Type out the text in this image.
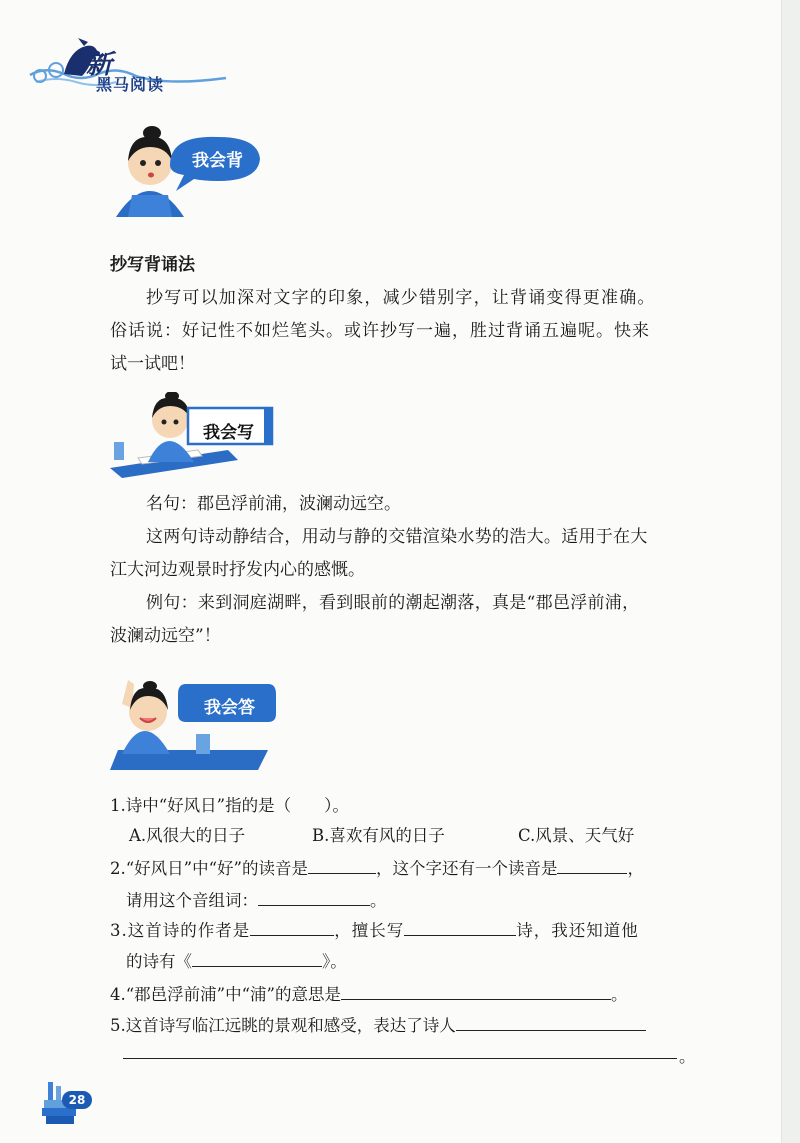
新
黑马阅读
我会背
抄写背诵法
抄写可以加深对文字的印象，减少错别字，让背诵变得更准确。
俗话说：好记性不如烂笔头。或许抄写一遍，胜过背诵五遍呢。快来
试一试吧！
我会写
名句：郡邑浮前浦，波澜动远空。
这两句诗动静结合，用动与静的交错渲染水势的浩大。适用于在大
江大河边观景时抒发内心的感慨。
例句：来到洞庭湖畔，看到眼前的潮起潮落，真是“郡邑浮前浦，
波澜动远空”！
我会答
1.诗中“好风日”指的是（　　）。
A.风很大的日子	B.喜欢有风的日子	C.风景、天气好
2.“好风日”中“好”的读音是	，这个字还有一个读音是	，
请用这个音组词：	。
3.这首诗的作者是	，擅长写	诗，我还知道他
的诗有《	》。
4.“郡邑浮前浦”中“浦”的意思是	。
5.这首诗写临江远眺的景观和感受，表达了诗人
。
28
